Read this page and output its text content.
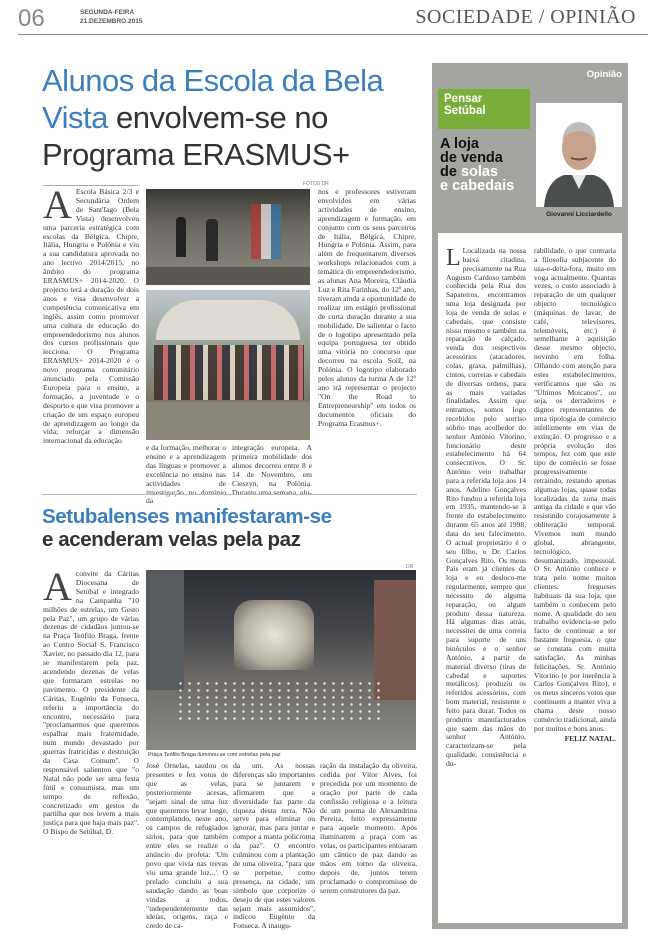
06	SEGUNDA-FEIRA
21.DEZEMBRO.2015	SOCIEDADE / OPINIÃO
Alunos da Escola da Bela
Vista envolvem-se no
Programa ERASMUS+
FOTOS DR
A Escola Básica 2/3 e Secundária Ordem de Sant'Iago (Bela Vista) desenvolveu uma parceria estratégica com escolas da Bélgica, Chipre, Itália, Hungria e Polónia e viu a sua candidatura aprovada no ano lectivo 2014/2015, no âmbito do programa ERASMUS+ 2014-2020. O projecto terá a duração de dois anos e visa desenvolver a competência comunicativa em inglês, assim como promover uma cultura de educação do empreendedorismo nos alunos dos cursos profissionais que lecciona. O Programa ERASMUS+ 2014-2020 é o novo programa comunitário anunciado pela Comissão Europeia para o ensino, a formação, a juventude e o desporto e que visa promover a criação de um espaço europeu de aprendizagem ao longo da vida; reforçar a dimensão internacional da educação
e da formação, melhorar o ensino e a aprendizagem das línguas e promover a excelência no ensino nas actividades de investigação no domínio da
integração europeia. A primeira mobilidade dos alunos decorreu entre 8 e 14 de Novembro, em Cieszyn, na Polónia. Durante uma semana, alu-
nos e professores estiveram envolvidos em várias actividades de ensino, aprendizagem e formação, em conjunto com os seus parceiros de Itália, Bélgica, Chipre, Hungria e Polónia. Assim, para além de frequentarem diversos workshops relacionados com a temática do empreendedorismo, as alunas Ana Moreira, Cláudia Luz e Rita Farinhas, do 12º ano, tiveram ainda a oportunidade de realizar um estágio profissional de curta duração durante a sua mobilidade. De salientar o facto de o logotipo apresentado pela equipa portuguesa ter obtido uma vitória no concurso que decorreu na escola Soiž, na Polónia. O logotipo elaborado pelos alunos da turma A de 12º ano irá representar o projecto "On the Road to Entrepreneurship" em todos os documentos oficiais do Programa Erasmus+.
Setubalenses manifestaram-se
e acenderam velas pela paz
DR
Praça Teófilo Braga iluminou-se com estrelas pela paz
Aconvite da Cáritas Diocesana de Setúbal e integrado na Campanha "10 milhões de estrelas, um Gesto pela Paz", um grupo de várias dezenas de cidadãos juntou-se na Praça Teófilo Braga, frente ao Centro Social S. Francisco Xavier, no passado dia 12, para se manifestarem pela paz, acendendo dezenas de velas que formaram estrelas no pavimento. O presidente da Cáritas, Eugénio da Fonseca, referiu a importância do encontro, necessário para "proclamarmos que queremos espalhar mais fraternidade, num mundo devastado por guerras fratricidas e destruição da Casa Comum". O responsável salientou que "o Natal não pode ser uma festa fútil e consumista, mas um tempo de reflexão, concretizado em gestos de partilha que nos levem a mais justiça para que haja mais paz". O Bispo de Setúbal, D.
José Ornelas, saudou os presentes e fez votos de que as velas, posteriormente acesas, "sejam sinal de uma luz que queremos levar longe, contemplando, neste ano, os campos de refugiados sírios, para que também entre eles se realize o anúncio do profeta: 'Um povo que vivia nas trevas viu uma grande luz...'. O prelado concluiu a sua saudação dando as boas vindas a todos, "independentemente das ideias, origens, raça e credo de ca-
da um. As nossas diferenças são importantes para se juntarem e afirmarem que a diversidade faz parte da riqueza desta terra. Não serve para eliminar ou ignorar, mas para juntar e compor a manta policroma da paz". O encontro culminou com a plantação de uma oliveira, "para que se perpetue, como presença, na cidade, um símbolo que corporize o desejo de que estes valores sejam mais assumidos", indicou Eugénio da Fonseca. A inaugu-
ração da instalação da oliveira, cedida por Vítor Alves, foi precedida por um momento de oração por parte de cada confissão religiosa e a leitura de um poema de Alexandrina Pereira, feito expressamente para aquele momento. Após iluminarem a praça com as velas, os participantes entoaram um cântico de paz dando as mãos em torno da oliveira, depois de, juntos terem proclamado o compromisso de serem construtores da paz.
Opinião
Pensar Setúbal
A loja
de venda
de solas
e cabedais
Giovanni Licciardello
L Localizada na nossa baixa citadina, precisamente na Rua Augusto Cardoso também conhecida pela Rua dos Sapateiros, encontramos uma loja designada por loja de venda de solas e cabedais, que consiste nisso mesmo e também na reparação de calçado, venda dos respectivos acessórios (atacadores, colas, graxa, palmilhas), cintos, correias e cabedais de diversas ordens, para as mais variadas finalidades. Assim que entramos, somos logo recebidos pelo sorriso sóbrio mas acolhedor do senhor António Vitorino, funcionário deste estabelecimento há 64 consecutivos. O Sr. António veio trabalhar para a referida loja aos 14 anos. Adelino Gonçalves Rito fundou a referida loja em 1935, mantendo-se à frente do estabelecimento durante 65 anos até 1998, data do seu falecimento. O actual proprietário é o seu filho, o Dr. Carlos Gonçalves Rito. Os meus Pais eram já clientes da loja e eu desloco-me regularmente, sempre que necessito de alguma reparação, ou algum produto dessa natureza. Há algumas dias atrás, necessitei de uma correia para suporte de uns binóculos e o senhor António, a partir de material diverso (tiras de cabedal e suportes metálicos), produziu os referidos acessórios, com bom material, resistente e feito para durar. Todos os produtos manufacturados que saem das mãos do senhor António, caracterizam-se pela qualidade, consistência e du-
rabilidade, o que contraria a filosofia subjacente do usa-e-deita-fora, muito em voga actualmente. Quantas vezes, o custo associado à reparação de um qualquer objecto tecnológico (máquinas de lavar, de café, televisores, telemóveis, etc.) é semelhante à aquisição desse mesmo objecto, novinho em folha. Olhando com atenção para estes estabelecimentos, verificamos que são os "Últimos Moicanos", ou seja, os derradeiros e dignos representantes de uma tipologia de comércio infelizmente em vias de extinção. O progresso e a própria evolução dos tempos, fez com que este tipo de comércio se fosse progressivamente retraindo, restando apenas algumas lojas, quase todas localizadas da zona mais antiga da cidade e que vão resistindo corajosamente à obliteração temporal. Vivemos num mundo global, abrangente, tecnológico, desumanizado, impessoal. O Sr. António conhece e trata pelo nome muitos clientes, fregueses habituais da sua loja, que também o conhecem pelo nome. A qualidade do seu trabalho evidencia-se pelo facto de continuar a ter bastante freguesia, o que se constata com muita satisfação. As minhas felicitações, Sr. António Vitorino (e por inerência à Carlos Gonçalves Rito), e os meus sinceros votos que continuem a manter viva a chama deste nosso comércio tradicional, ainda por muitos e bons anos.
FELIZ NATAL.
